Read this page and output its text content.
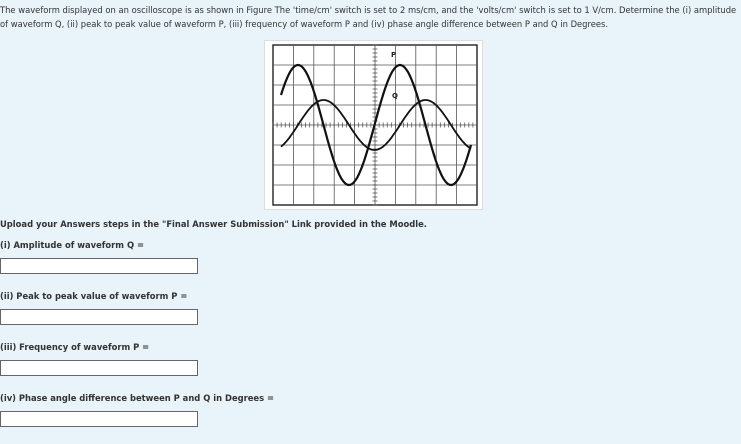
The waveform displayed on an oscilloscope is as shown in Figure The 'time/cm' switch is set to 2 ms/cm, and the 'volts/cm' switch is set to 1 V/cm. Determine the (i) amplitude of waveform Q, (ii) peak to peak value of waveform P, (iii) frequency of waveform P and (iv) phase angle difference between P and Q in Degrees.

P
Q

Upload your Answers steps in the "Final Answer Submission" Link provided in the Moodle.

(i) Amplitude of waveform Q =

(ii) Peak to peak value of waveform P =

(iii) Frequency of waveform P =

(iv) Phase angle difference between P and Q in Degrees =
